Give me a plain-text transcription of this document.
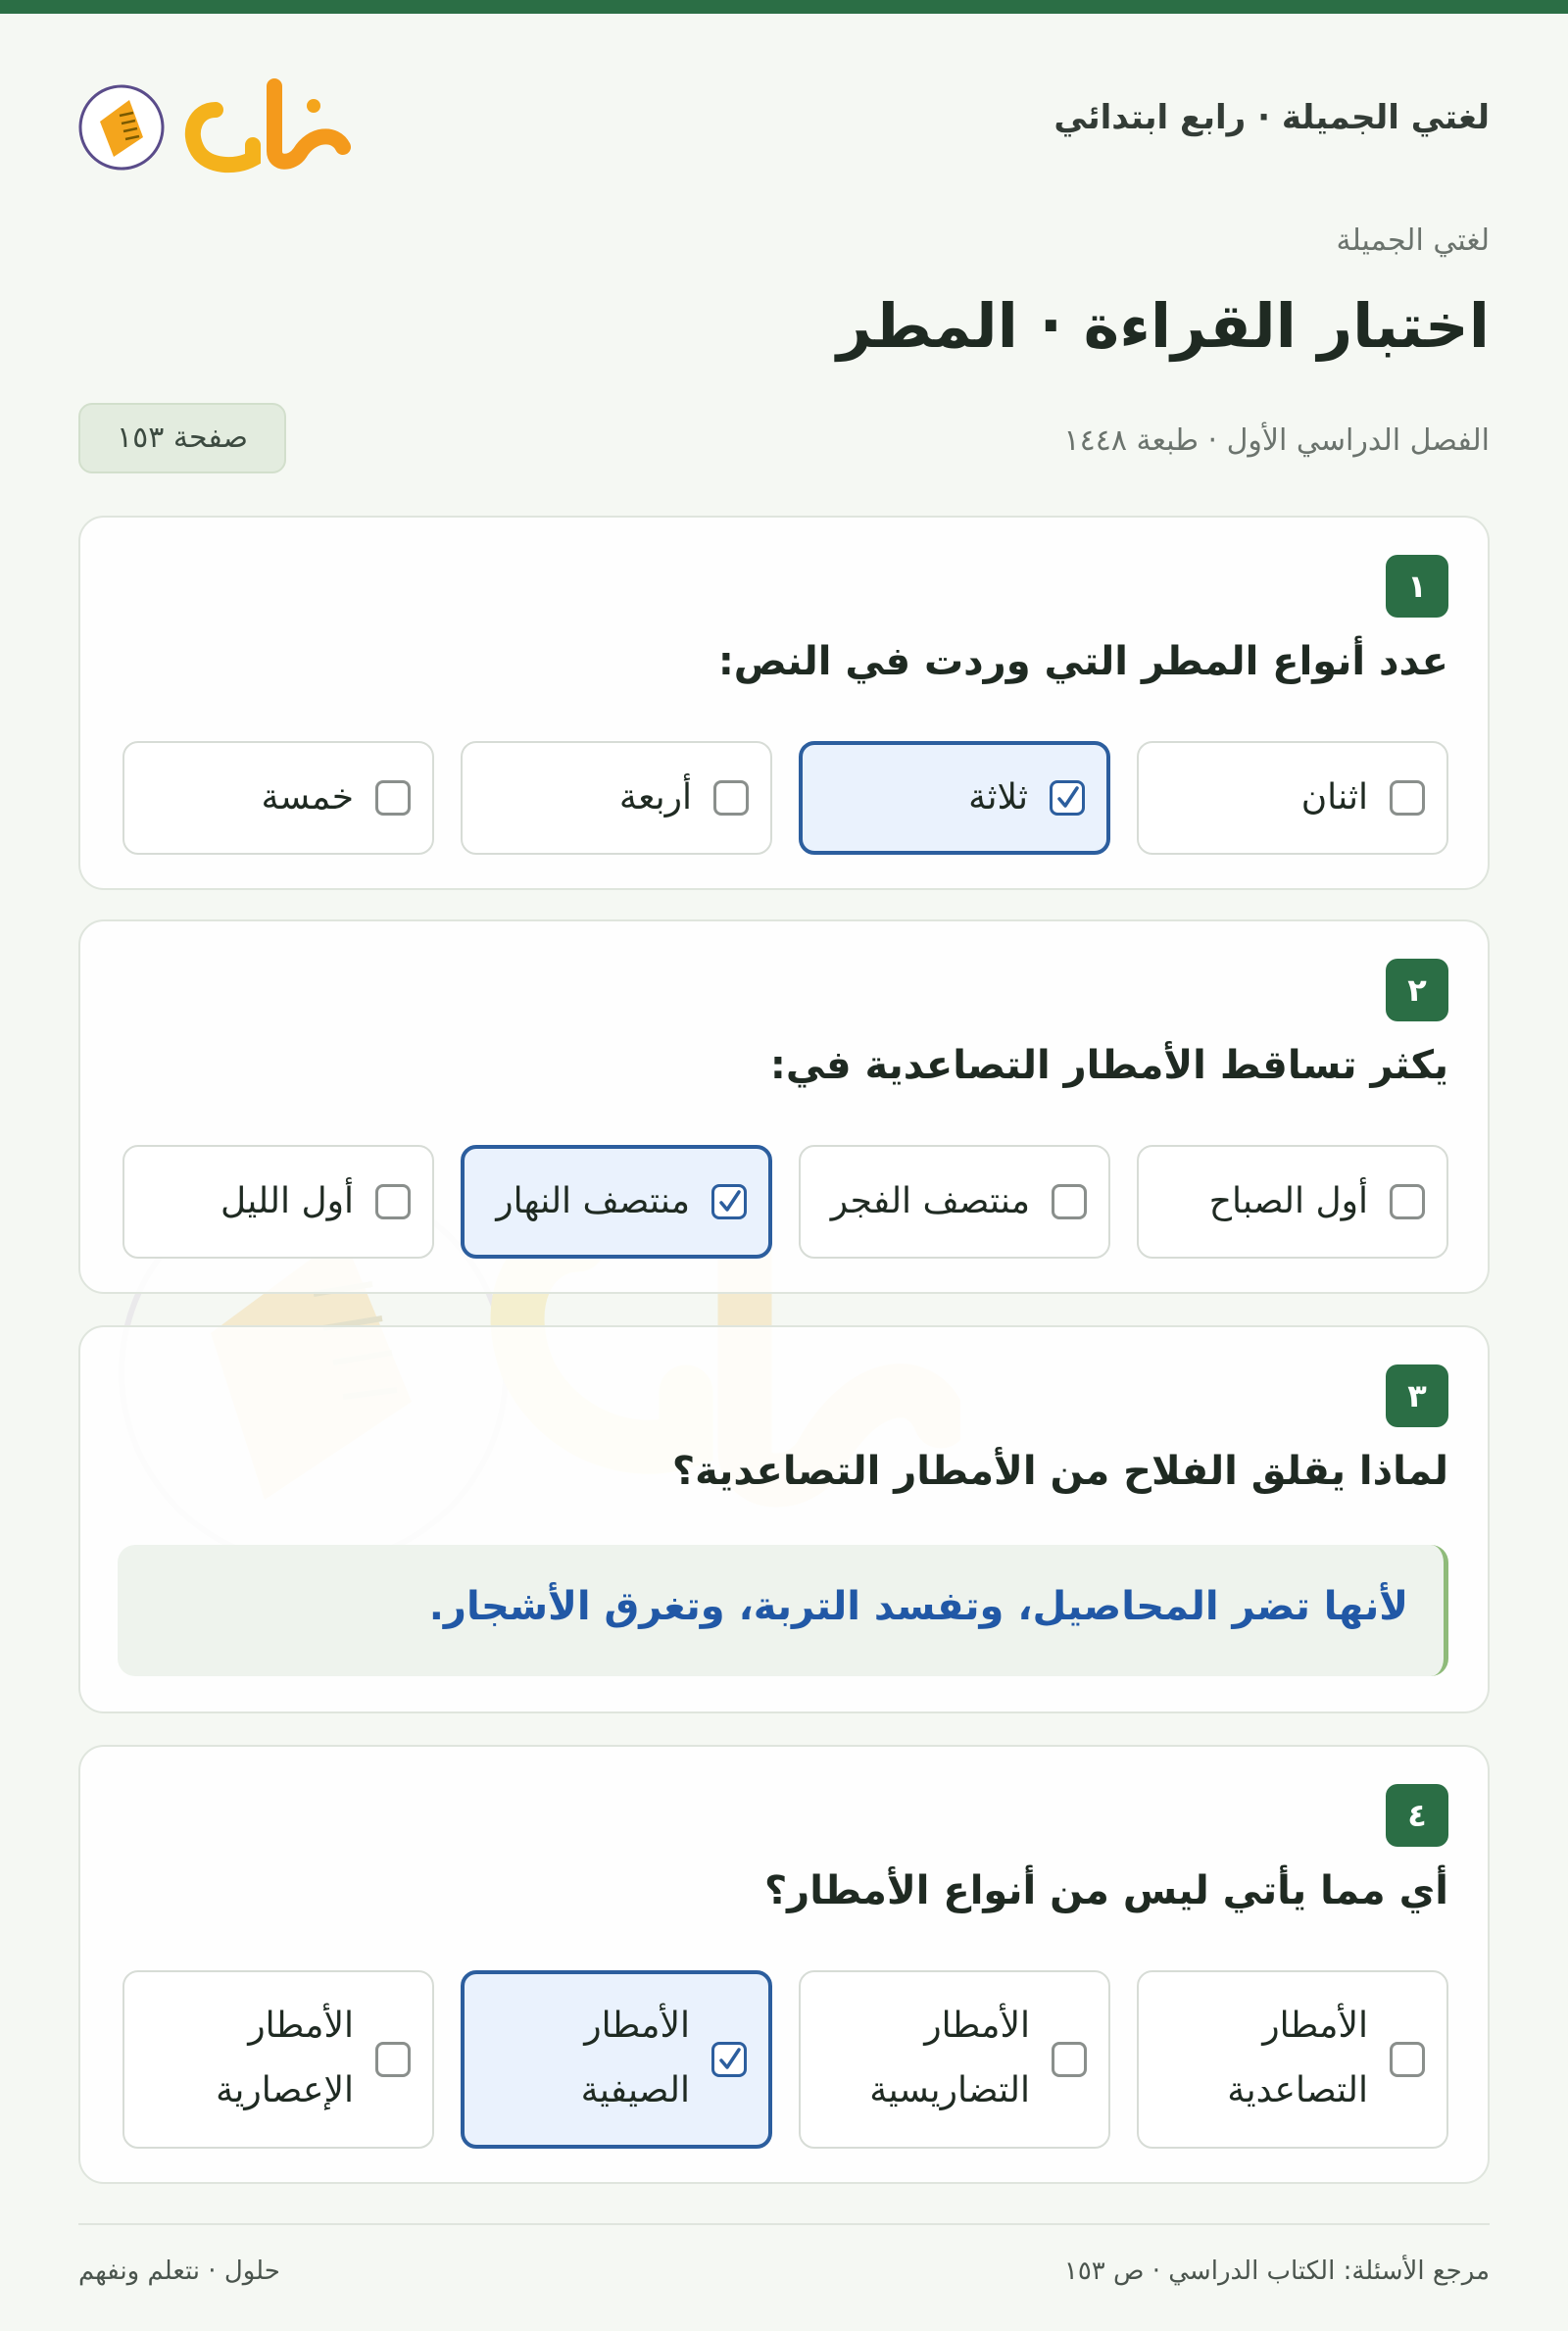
لغتي الجميلة · رابع ابتدائي
لغتي الجميلة
اختبار القراءة · المطر
الفصل الدراسي الأول · طبعة ١٤٤٨
صفحة ١٥٣
١
عدد أنواع المطر التي وردت في النص:
اثنان
ثلاثة
أربعة
خمسة
٢
يكثر تساقط الأمطار التصاعدية في:
أول الصباح
منتصف الفجر
منتصف النهار
أول الليل
٣
لماذا يقلق الفلاح من الأمطار التصاعدية؟
لأنها تضر المحاصيل، وتفسد التربة، وتغرق الأشجار.
٤
أي مما يأتي ليس من أنواع الأمطار؟
الأمطار
التصاعدية
الأمطار
التضاريسية
الأمطار
الصيفية
الأمطار
الإعصارية
مرجع الأسئلة: الكتاب الدراسي · ص ١٥٣
حلول · نتعلم ونفهم
